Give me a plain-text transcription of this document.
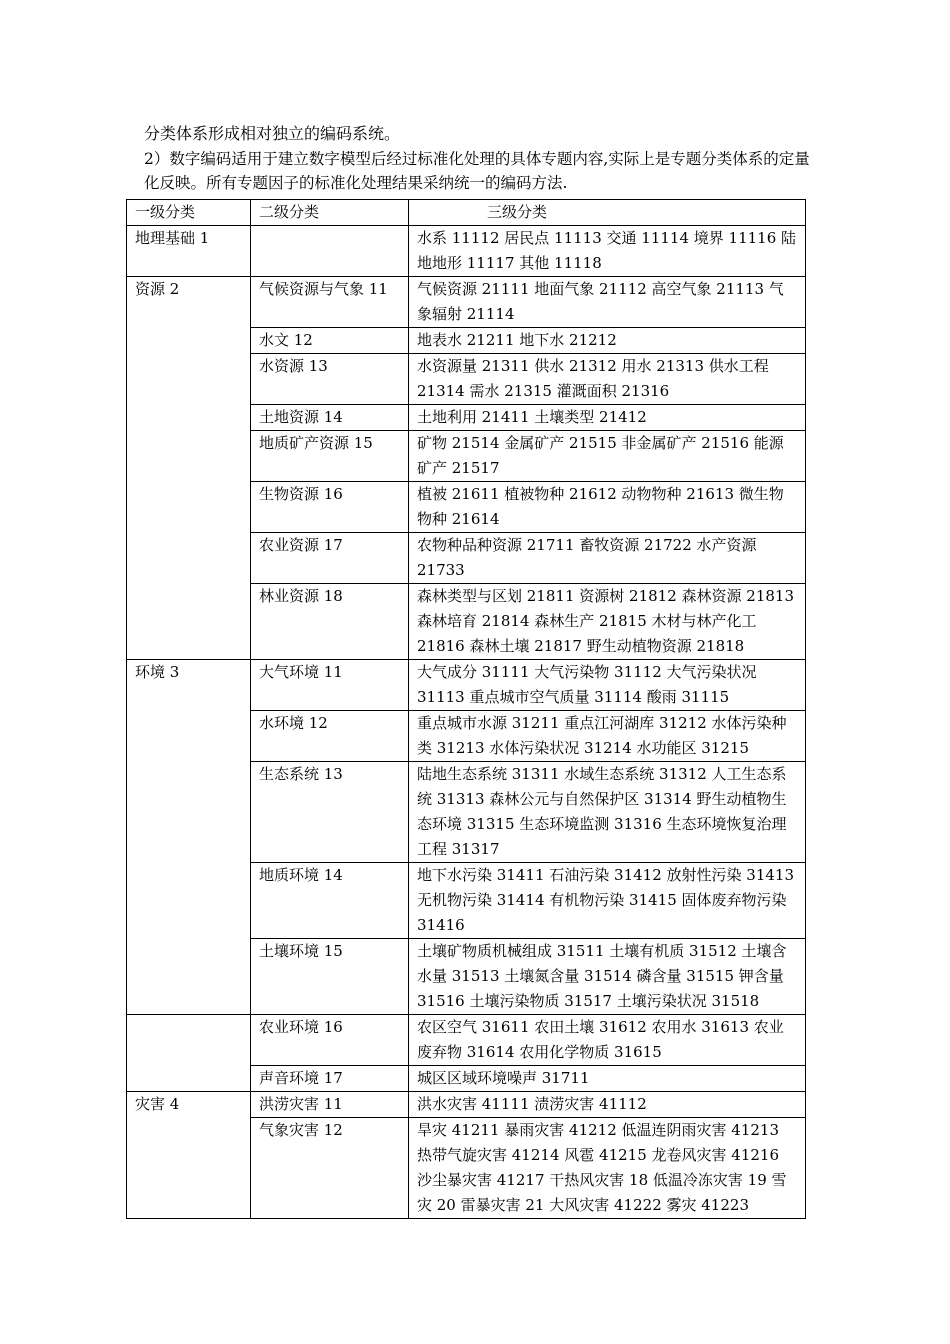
分类体系形成相对独立的编码系统。

2）数字编码适用于建立数字模型后经过标准化处理的具体专题内容,实际上是专题分类体系的定量化反映。所有专题因子的标准化处理结果采纳统一的编码方法.

一级分类	二级分类	三级分类
地理基础 1		水系 11112 居民点 11113 交通 11114 境界 11116 陆地地形 11117 其他 11118
资源 2	气候资源与气象 11	气候资源 21111 地面气象 21112 高空气象 21113 气象辐射 21114
	水文 12	地表水 21211 地下水 21212
	水资源 13	水资源量 21311 供水 21312 用水 21313 供水工程 21314 需水 21315 灌溉面积 21316
	土地资源 14	土地利用 21411 土壤类型 21412
	地质矿产资源 15	矿物 21514 金属矿产 21515 非金属矿产 21516 能源矿产 21517
	生物资源 16	植被 21611 植被物种 21612 动物物种 21613 微生物物种 21614
	农业资源 17	农物种品种资源 21711 畜牧资源 21722 水产资源 21733
	林业资源 18	森林类型与区划 21811 资源树 21812 森林资源 21813 森林培育 21814 森林生产 21815 木材与林产化工 21816 森林土壤 21817 野生动植物资源 21818
环境 3	大气环境 11	大气成分 31111 大气污染物 31112 大气污染状况 31113 重点城市空气质量 31114 酸雨 31115
	水环境 12	重点城市水源 31211 重点江河湖库 31212 水体污染种类 31213 水体污染状况 31214 水功能区 31215
	生态系统 13	陆地生态系统 31311 水域生态系统 31312 人工生态系统 31313 森林公元与自然保护区 31314 野生动植物生态环境 31315 生态环境监测 31316 生态环境恢复治理工程 31317
	地质环境 14	地下水污染 31411 石油污染 31412 放射性污染 31413 无机物污染 31414 有机物污染 31415 固体废弃物污染 31416
	土壤环境 15	土壤矿物质机械组成 31511 土壤有机质 31512 土壤含水量 31513 土壤氮含量 31514 磷含量 31515 钾含量 31516 土壤污染物质 31517 土壤污染状况 31518
	农业环境 16	农区空气 31611 农田土壤 31612 农用水 31613 农业废弃物 31614 农用化学物质 31615
	声音环境 17	城区区域环境噪声 31711
灾害 4	洪涝灾害 11	洪水灾害 41111 渍涝灾害 41112
	气象灾害 12	旱灾 41211 暴雨灾害 41212 低温连阴雨灾害 41213 热带气旋灾害 41214 风雹 41215 龙卷风灾害 41216 沙尘暴灾害 41217 干热风灾害 18 低温冷冻灾害 19 雪灾 20 雷暴灾害 21 大风灾害 41222 雾灾 41223
